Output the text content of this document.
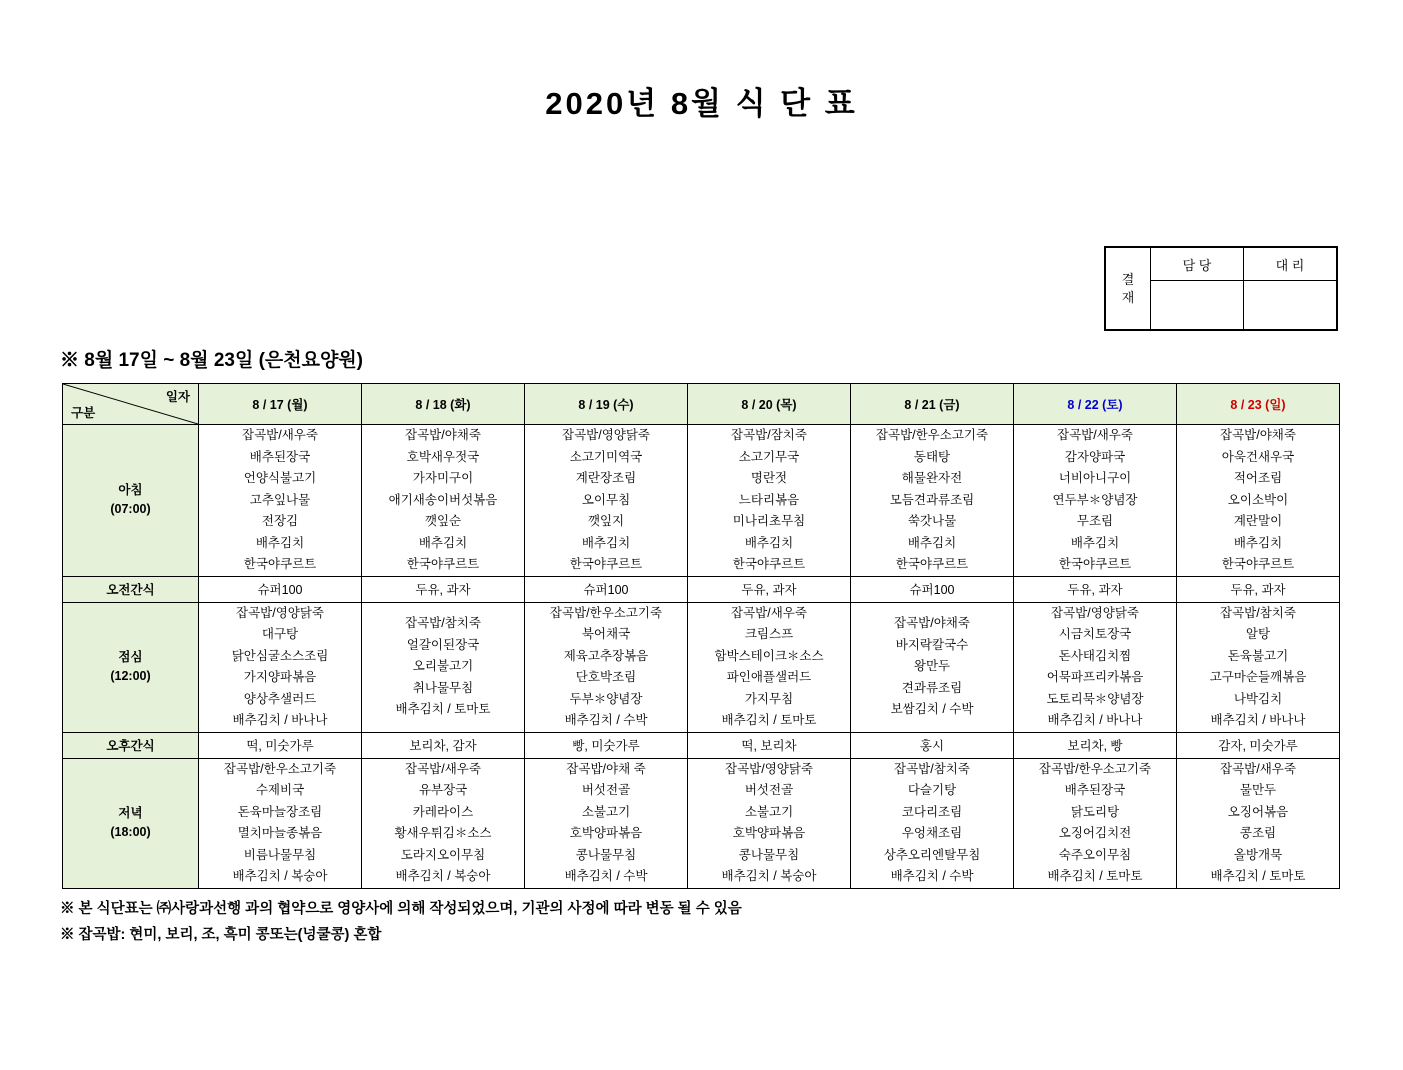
2020년 8월 식 단 표
결
재	담 당	대 리

※ 8월 17일 ~ 8월 23일 (은천요양원)
일자
구분	8 / 17 (월)	8 / 18 (화)	8 / 19 (수)	8 / 20 (목)	8 / 21 (금)	8 / 22 (토)	8 / 23 (일)

아침
(07:00)

잡곡밥/새우죽
배추된장국
언양식불고기
고추잎나물
전장김
배추김치
한국야쿠르트

잡곡밥/야채죽
호박새우젓국
가자미구이
애기새송이버섯볶음
깻잎순
배추김치
한국야쿠르트

잡곡밥/영양닭죽
소고기미역국
계란장조림
오이무침
깻잎지
배추김치
한국야쿠르트

잡곡밥/잠치죽
소고기무국
명란젓
느타리볶음
미나리초무침
배추김치
한국야쿠르트

잡곡밥/한우소고기죽
동태탕
해물완자전
모듬견과류조림
쑥갓나물
배추김치
한국야쿠르트

잡곡밥/새우죽
감자양파국
너비아니구이
연두부＊양념장
무조림
배추김치
한국야쿠르트

잡곡밥/야채죽
아욱건새우국
적어조림
오이소박이
계란말이
배추김치
한국야쿠르트

오전간식	슈퍼100	두유, 과자	슈퍼100	두유, 과자	슈퍼100	두유, 과자	두유, 과자

점심
(12:00)

잡곡밥/영양닭죽
대구탕
닭안심굴소스조림
가지양파볶음
양상추샐러드
배추김치 / 바나나

잡곡밥/참치죽
얼갈이된장국
오리불고기
취나물무침
배추김치 / 토마토

잡곡밥/한우소고기죽
북어채국
제육고추장볶음
단호박조림
두부＊양념장
배추김치 / 수박

잡곡밥/새우죽
크림스프
함박스테이크＊소스
파인애플샐러드
가지무침
배추김치 / 토마토

잡곡밥/야채죽
바지락칼국수
왕만두
견과류조림
보쌈김치 / 수박

잡곡밥/영양닭죽
시금치토장국
돈사태김치찜
어묵파프리카볶음
도토리묵＊양념장
배추김치 / 바나나

잡곡밥/참치죽
알탕
돈육불고기
고구마순들깨볶음
나박김치
배추김치 / 바나나

오후간식	떡, 미숫가루	보리차, 감자	빵, 미숫가루	떡, 보리차	홍시	보리차, 빵	감자, 미숫가루

저녁
(18:00)

잡곡밥/한우소고기죽
수제비국
돈육마늘장조림
멸치마늘종볶음
비름나물무침
배추김치 / 복숭아

잡곡밥/새우죽
유부장국
카레라이스
황새우튀김＊소스
도라지오이무침
배추김치 / 복숭아

잡곡밥/야채 죽
버섯전골
소불고기
호박양파볶음
콩나물무침
배추김치 / 수박

잡곡밥/영양닭죽
버섯전골
소불고기
호박양파볶음
콩나물무침
배추김치 / 복숭아

잡곡밥/참치죽
다슬기탕
코다리조림
우엉채조림
상추오리엔탈무침
배추김치 / 수박

잡곡밥/한우소고기죽
배추된장국
닭도리탕
오징어김치전
숙주오이무침
배추김치 / 토마토

잡곡밥/새우죽
물만두
오징어볶음
콩조림
올방개묵
배추김치 / 토마토
※ 본 식단표는 ㈜사랑과선행 과의 협약으로 영양사에 의해 작성되었으며, 기관의 사정에 따라 변동 될 수 있음
※ 잡곡밥: 현미, 보리, 조, 흑미 콩또는(넝쿨콩) 혼합
